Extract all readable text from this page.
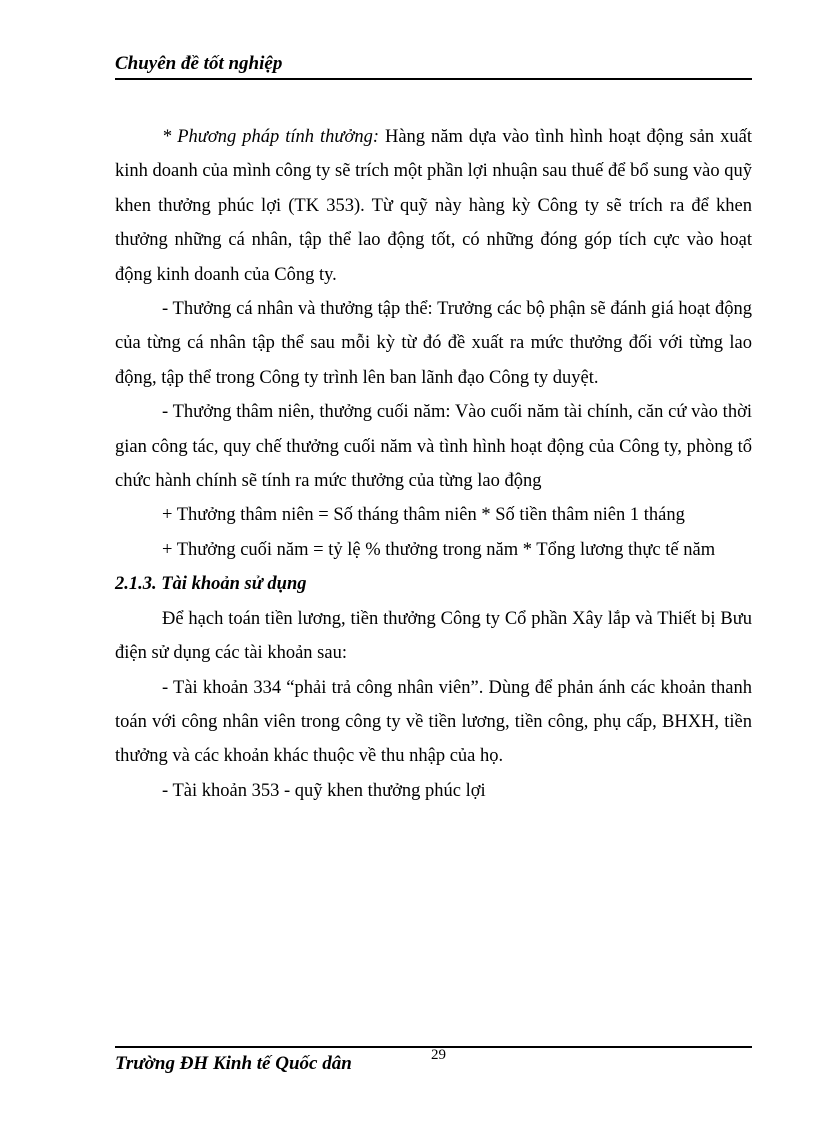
Chuyên đề tốt nghiệp

* Phương pháp tính thưởng: Hàng năm dựa vào tình hình hoạt động sản xuất kinh doanh của mình công ty sẽ trích một phần lợi nhuận sau thuế để bổ sung vào quỹ khen thưởng phúc lợi (TK 353). Từ quỹ này hàng kỳ Công ty sẽ trích ra để khen thưởng những cá nhân, tập thể lao động tốt, có những đóng góp tích cực vào hoạt động kinh doanh của Công ty.

- Thưởng cá nhân và thưởng tập thể: Trưởng các bộ phận sẽ đánh giá hoạt động của từng cá nhân tập thể sau mỗi kỳ từ đó đề xuất ra mức thưởng đối với từng lao động, tập thể trong Công ty trình lên ban lãnh đạo Công ty duyệt.

- Thưởng thâm niên, thưởng cuối năm: Vào cuối năm tài chính, căn cứ vào thời gian công tác, quy chế thưởng cuối năm và tình hình hoạt động của Công ty, phòng tổ chức hành chính sẽ tính ra mức thưởng của từng lao động

+ Thưởng thâm niên = Số tháng thâm niên * Số tiền thâm niên 1 tháng

+ Thưởng cuối năm = tỷ lệ % thưởng trong năm * Tổng lương thực tế năm

2.1.3. Tài khoản sử dụng

Để hạch toán tiền lương, tiền thưởng Công ty Cổ phần Xây lắp và Thiết bị Bưu điện sử dụng các tài khoản sau:

- Tài khoản 334 “phải trả công nhân viên”. Dùng để phản ánh các khoản thanh toán với công nhân viên trong công ty về tiền lương, tiền công, phụ cấp, BHXH, tiền thưởng và các khoản khác thuộc về thu nhập của họ.

- Tài khoản 353 - quỹ khen thưởng phúc lợi

29
Trường ĐH Kinh tế Quốc dân
